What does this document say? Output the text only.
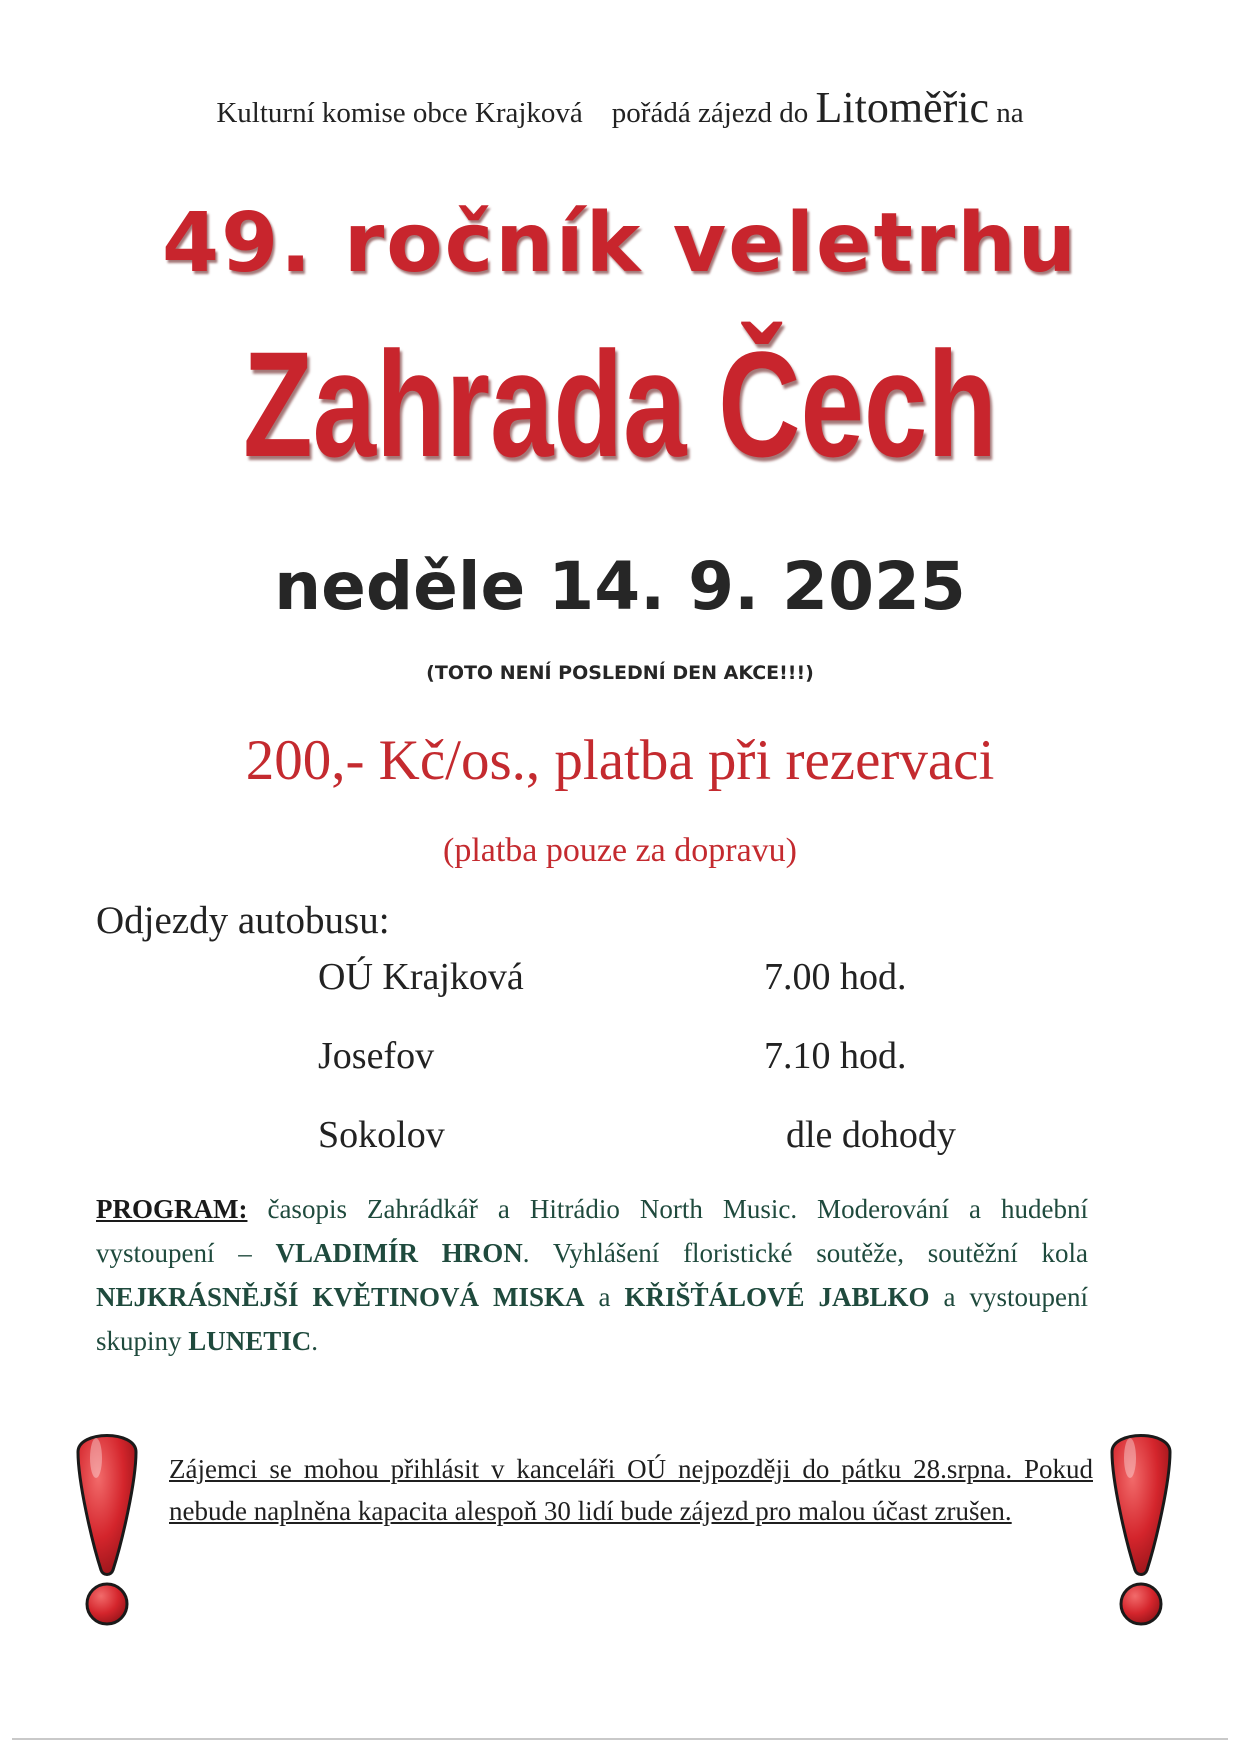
Kulturní komise obce Krajková pořádá zájezd do Litoměřic na
49. ročník veletrhu
Zahrada Čech
neděle 14. 9. 2025
(TOTO NENÍ POSLEDNÍ DEN AKCE!!!)
200,- Kč/os., platba při rezervaci
(platba pouze za dopravu)
Odjezdy autobusu:
OÚ Krajková	7.00 hod.
Josefov	7.10 hod.
Sokolov	dle dohody
PROGRAM: časopis Zahrádkář a Hitrádio North Music. Moderování a hudební vystoupení – VLADIMÍR HRON. Vyhlášení floristické soutěže, soutěžní kola NEJKRÁSNĚJŠÍ KVĚTINOVÁ MISKA a KŘIŠŤÁLOVÉ JABLKO a vystoupení skupiny LUNETIC.
Zájemci se mohou přihlásit v kanceláři OÚ nejpozději do pátku 28.srpna. Pokud nebude naplněna kapacita alespoň 30 lidí bude zájezd pro malou účast zrušen.
